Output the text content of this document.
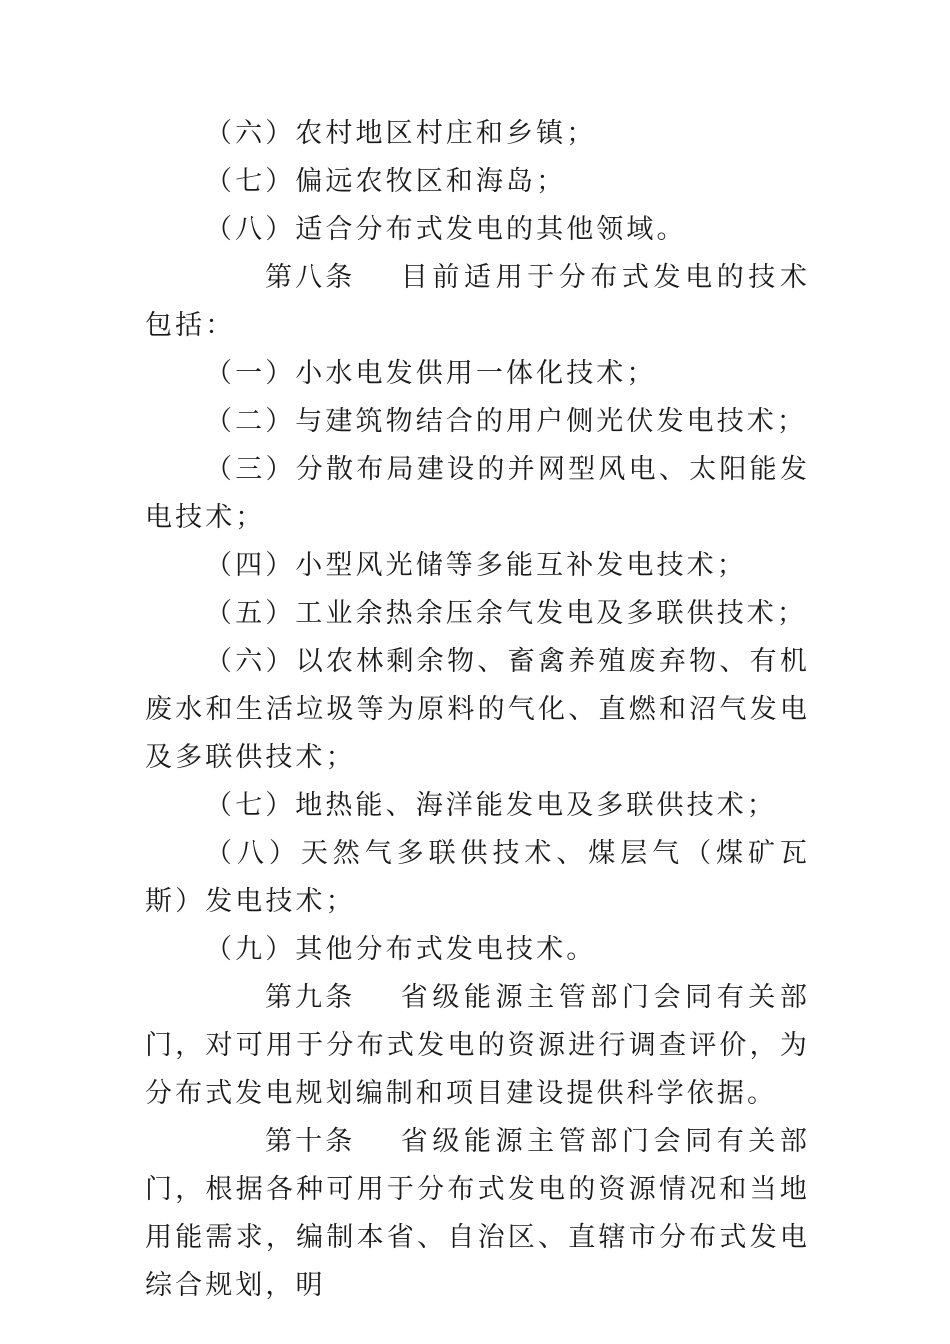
（六）农村地区村庄和乡镇；

（七）偏远农牧区和海岛；

（八）适合分布式发电的其他领域。

第八条 目前适用于分布式发电的技术包括：

（一）小水电发供用一体化技术；

（二）与建筑物结合的用户侧光伏发电技术；

（三）分散布局建设的并网型风电、太阳能发电技术；

（四）小型风光储等多能互补发电技术；

（五）工业余热余压余气发电及多联供技术；

（六）以农林剩余物、畜禽养殖废弃物、有机废水和生活垃圾等为原料的气化、直燃和沼气发电及多联供技术；

（七）地热能、海洋能发电及多联供技术；

（八）天然气多联供技术、煤层气（煤矿瓦斯）发电技术；

（九）其他分布式发电技术。

第九条 省级能源主管部门会同有关部门，对可用于分布式发电的资源进行调查评价，为分布式发电规划编制和项目建设提供科学依据。

第十条 省级能源主管部门会同有关部门，根据各种可用于分布式发电的资源情况和当地用能需求，编制本省、自治区、直辖市分布式发电综合规划，明
